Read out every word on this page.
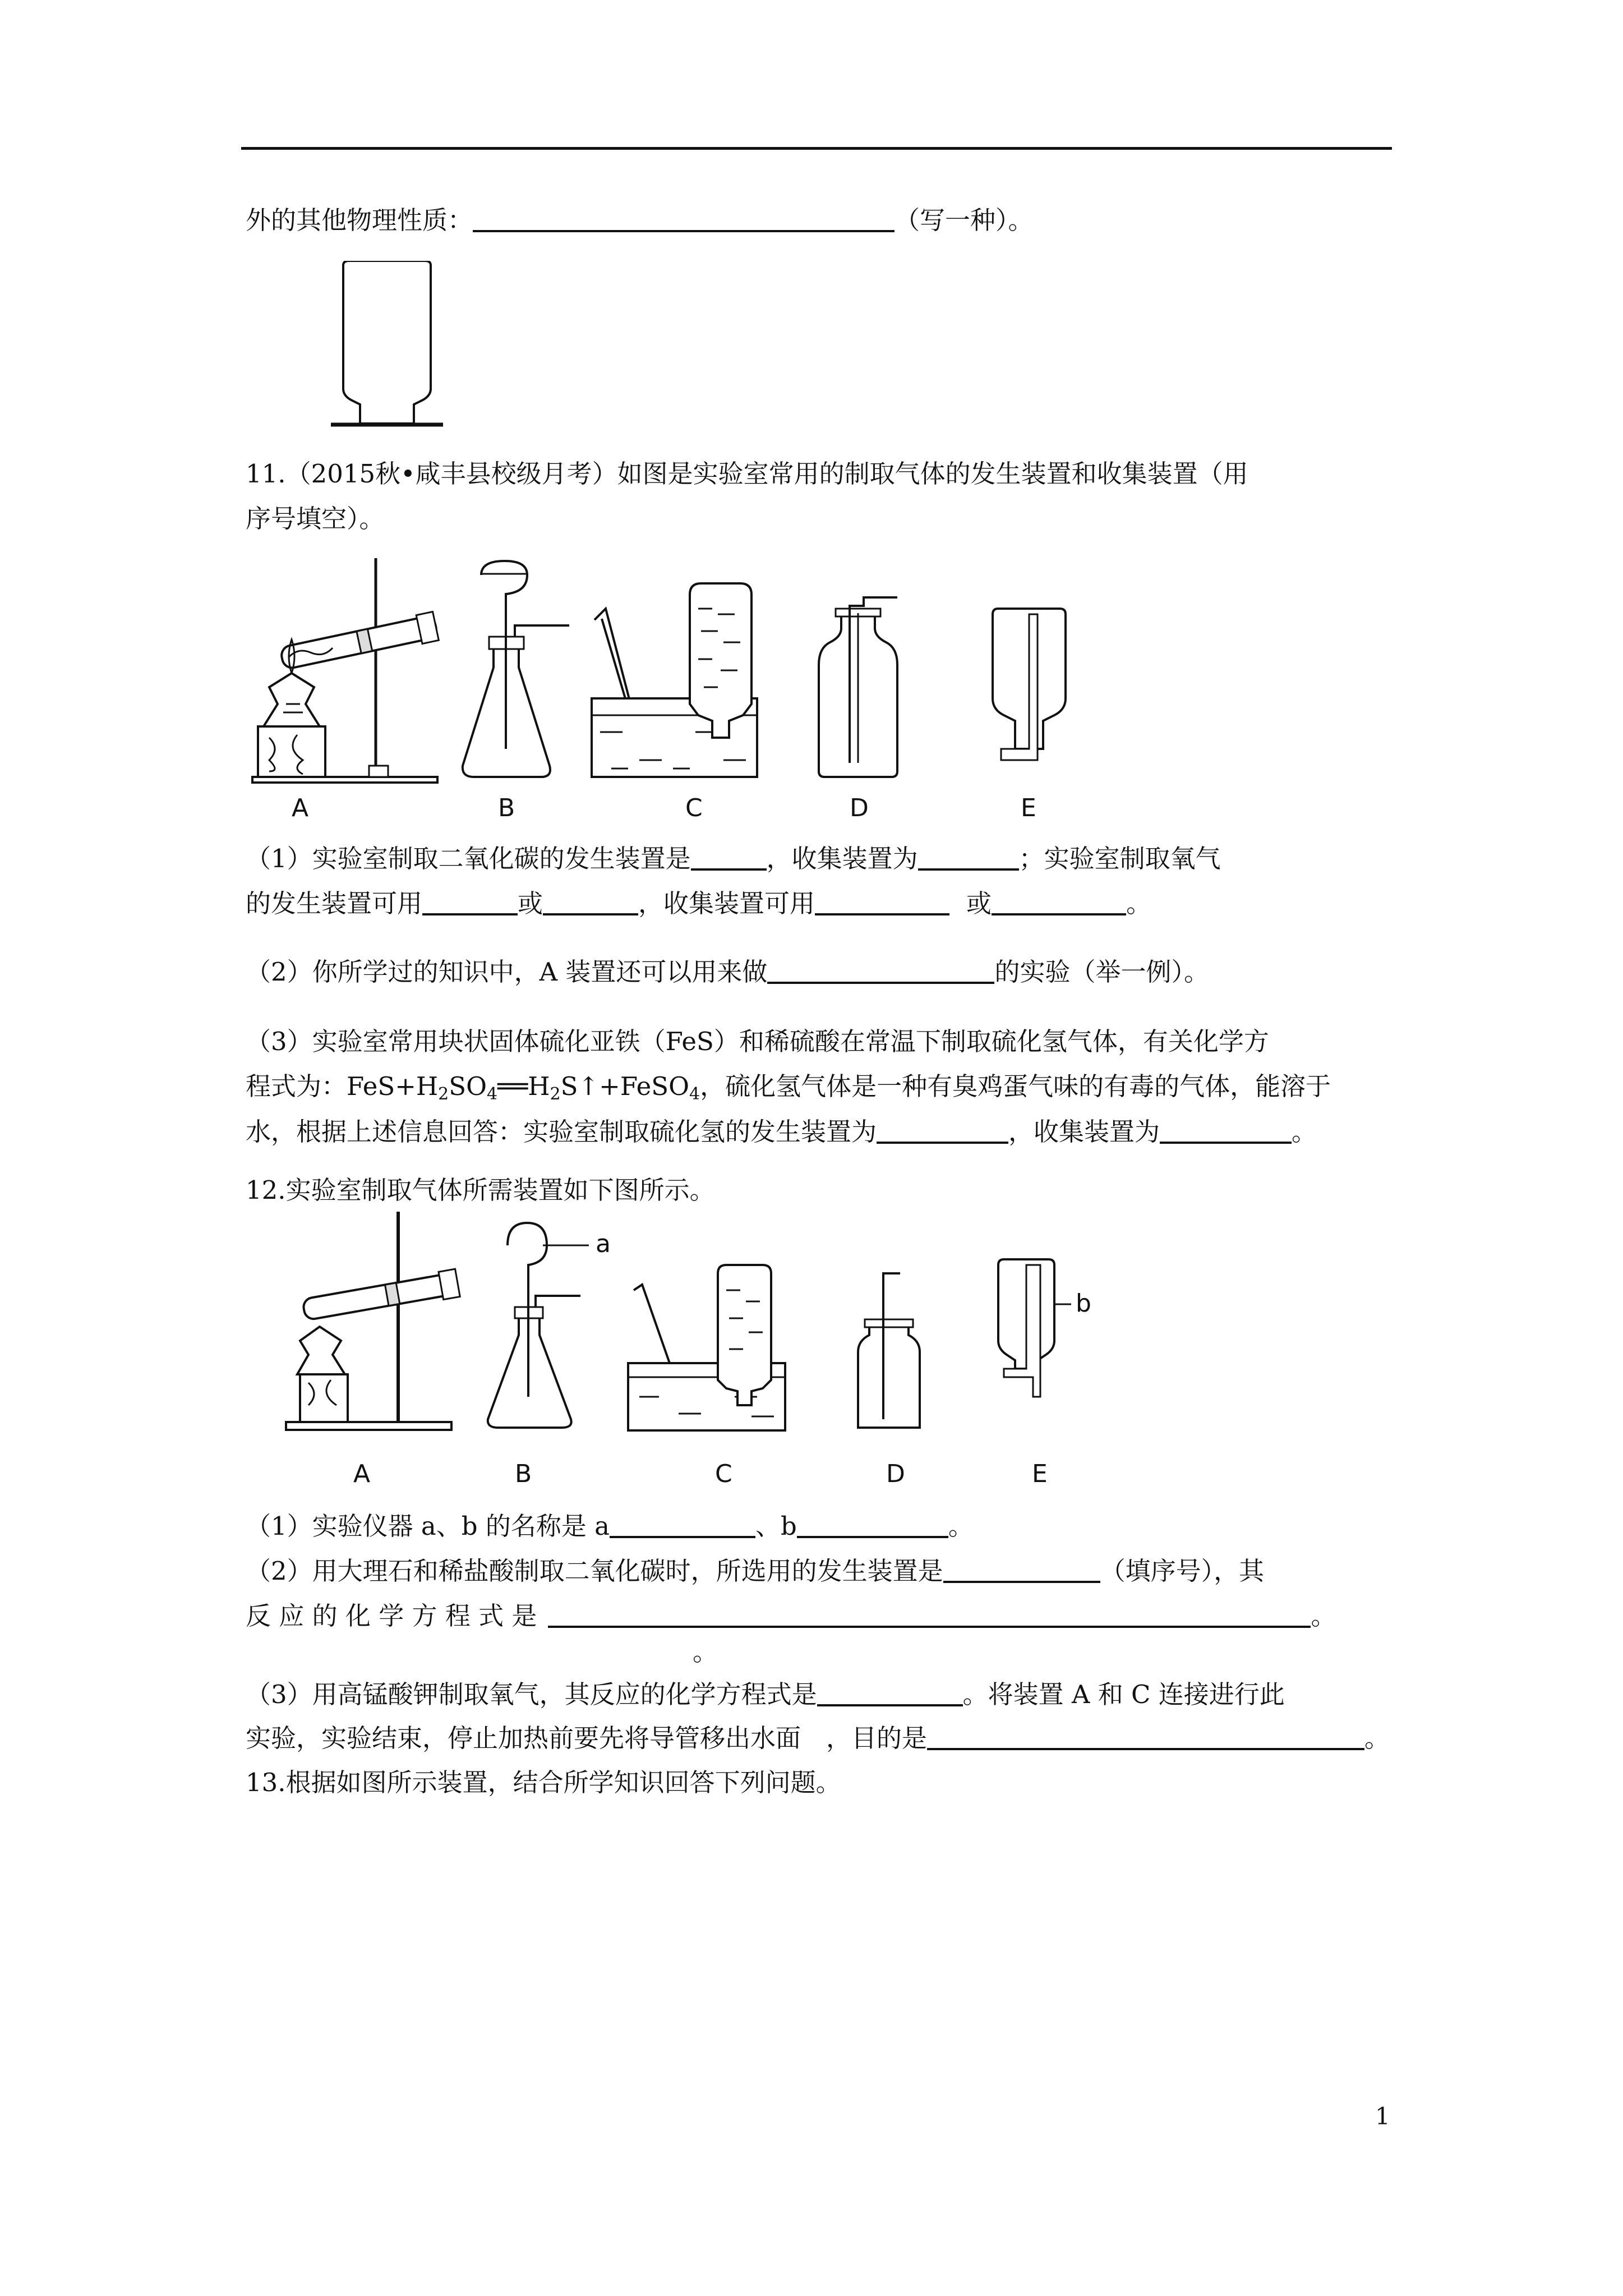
外的其他物理性质：	（写一种）。
11.（2015秋•咸丰县校级月考）如图是实验室常用的制取气体的发生装置和收集装置（用
序号填空）。
A	B	C	D	E
（1）实验室制取二氧化碳的发生装置是	，收集装置为	；实验室制取氧气
的发生装置可用	或	，收集装置可用	或	。
（2）你所学过的知识中，A 装置还可以用来做	的实验（举一例）。
（3）实验室常用块状固体硫化亚铁（FeS）和稀硫酸在常温下制取硫化氢气体，有关化学方
程式为：$FeS+H_2SO_4══H_2S↑+FeSO_4$，硫化氢气体是一种有臭鸡蛋气味的有毒的气体，能溶于
水，根据上述信息回答：实验室制取硫化氢的发生装置为	，收集装置为	。
12.实验室制取气体所需装置如下图所示。
a
b
A	B	C	D	E
（1）实验仪器 a、b 的名称是 a	、b	。
（2）用大理石和稀盐酸制取二氧化碳时，所选用的发生装置是	（填序号），其
反 应 的 化 学 方 程 式 是	。
。
（3）用高锰酸钾制取氧气，其反应的化学方程式是	。将装置 A 和 C 连接进行此
实验，实验结束，停止加热前要先将导管移出水面　，目的是	。
13.根据如图所示装置，结合所学知识回答下列问题。
1
